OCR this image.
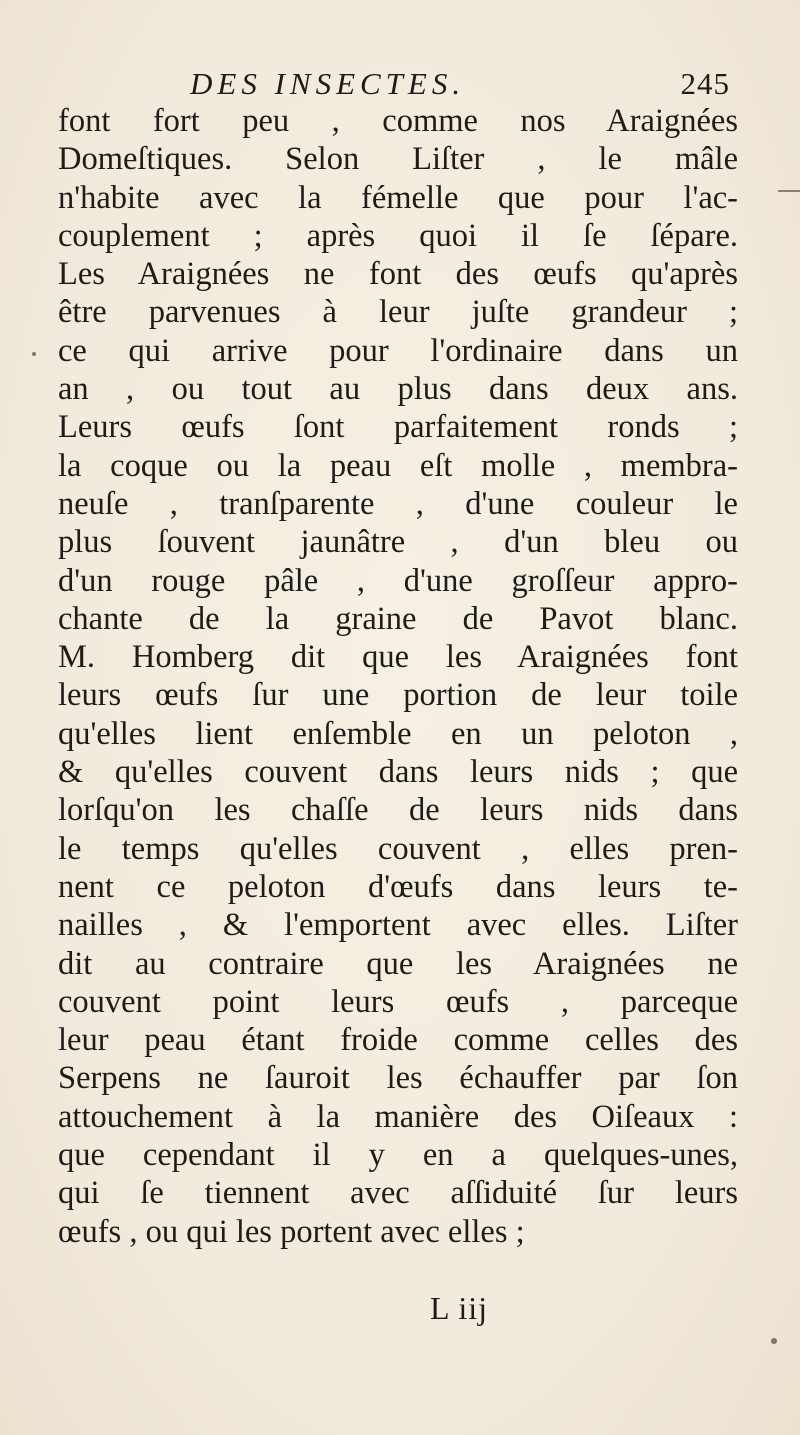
DES INSECTES.	245
font fort peu , comme nos Araignées
Domeſtiques. Selon Liſter , le mâle
n'habite avec la fémelle que pour l'ac-
couplement ; après quoi il ſe ſépare.
Les Araignées ne font des œufs qu'après
être parvenues à leur juſte grandeur ;
ce qui arrive pour l'ordinaire dans un
an , ou tout au plus dans deux ans.
Leurs œufs ſont parfaitement ronds ;
la coque ou la peau eſt molle , membra-
neuſe , tranſparente , d'une couleur le
plus ſouvent jaunâtre , d'un bleu ou
d'un rouge pâle , d'une groſſeur appro-
chante de la graine de Pavot blanc.
M. Homberg dit que les Araignées font
leurs œufs ſur une portion de leur toile
qu'elles lient enſemble en un peloton ,
& qu'elles couvent dans leurs nids ; que
lorſqu'on les chaſſe de leurs nids dans
le temps qu'elles couvent , elles pren-
nent ce peloton d'œufs dans leurs te-
nailles , & l'emportent avec elles. Liſter
dit au contraire que les Araignées ne
couvent point leurs œufs , parceque
leur peau étant froide comme celles des
Serpens ne ſauroit les échauffer par ſon
attouchement à la manière des Oiſeaux :
que cependant il y en a quelques-unes,
qui ſe tiennent avec aſſiduité ſur leurs
œufs , ou qui les portent avec elles ;
L iij
